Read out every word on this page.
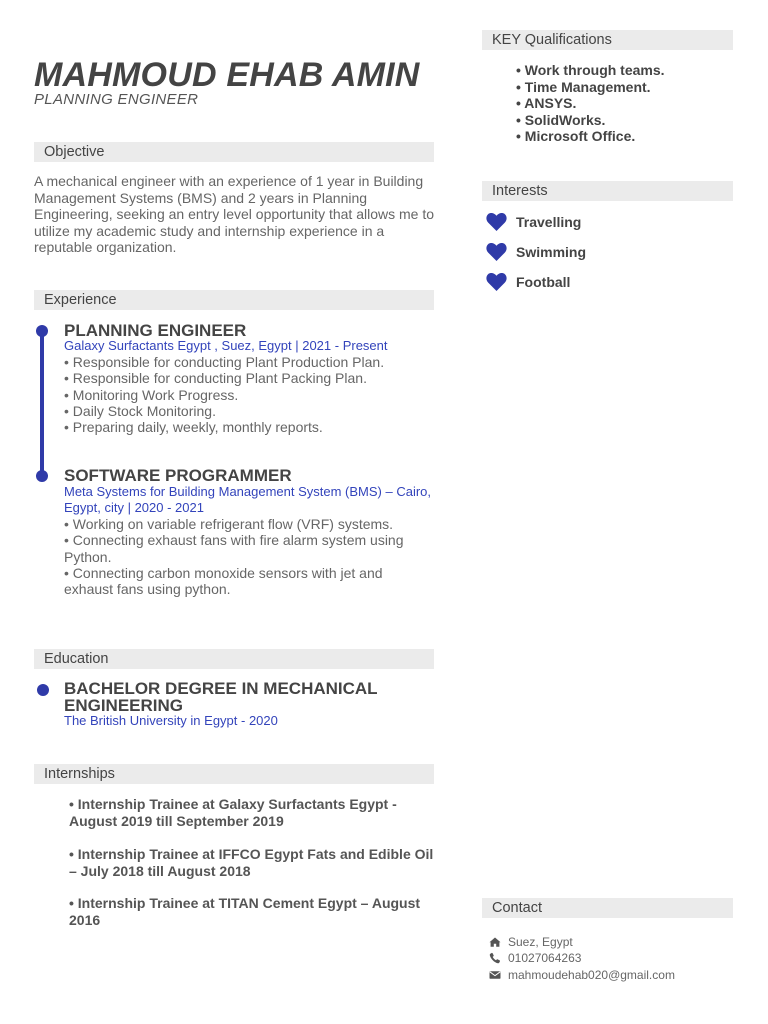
MAHMOUD EHAB AMIN
PLANNING ENGINEER
Objective
A mechanical engineer with an experience of 1 year in Building Management Systems (BMS) and 2 years in Planning Engineering, seeking an entry level opportunity that allows me to utilize my academic study and internship experience in a reputable organization.
Experience
PLANNING ENGINEER
Galaxy Surfactants Egypt , Suez, Egypt | 2021 - Present
• Responsible for conducting Plant Production Plan.
• Responsible for conducting Plant Packing Plan.
• Monitoring Work Progress.
• Daily Stock Monitoring.
• Preparing daily, weekly, monthly reports.
SOFTWARE PROGRAMMER
Meta Systems for Building Management System (BMS) – Cairo, Egypt, city | 2020 - 2021
• Working on variable refrigerant flow (VRF) systems.
• Connecting exhaust fans with fire alarm system using Python.
• Connecting carbon monoxide sensors with jet and exhaust fans using python.
Education
BACHELOR DEGREE IN MECHANICAL ENGINEERING
The British University in Egypt - 2020
Internships
• Internship Trainee at Galaxy Surfactants Egypt - August 2019 till September 2019
• Internship Trainee at IFFCO Egypt Fats and Edible Oil – July 2018 till August 2018
• Internship Trainee at TITAN Cement Egypt – August 2016
KEY Qualifications
• Work through teams.
• Time Management.
• ANSYS.
• SolidWorks.
• Microsoft Office.
Interests
Travelling
Swimming
Football
Contact
Suez, Egypt
01027064263
mahmoudehab020@gmail.com
